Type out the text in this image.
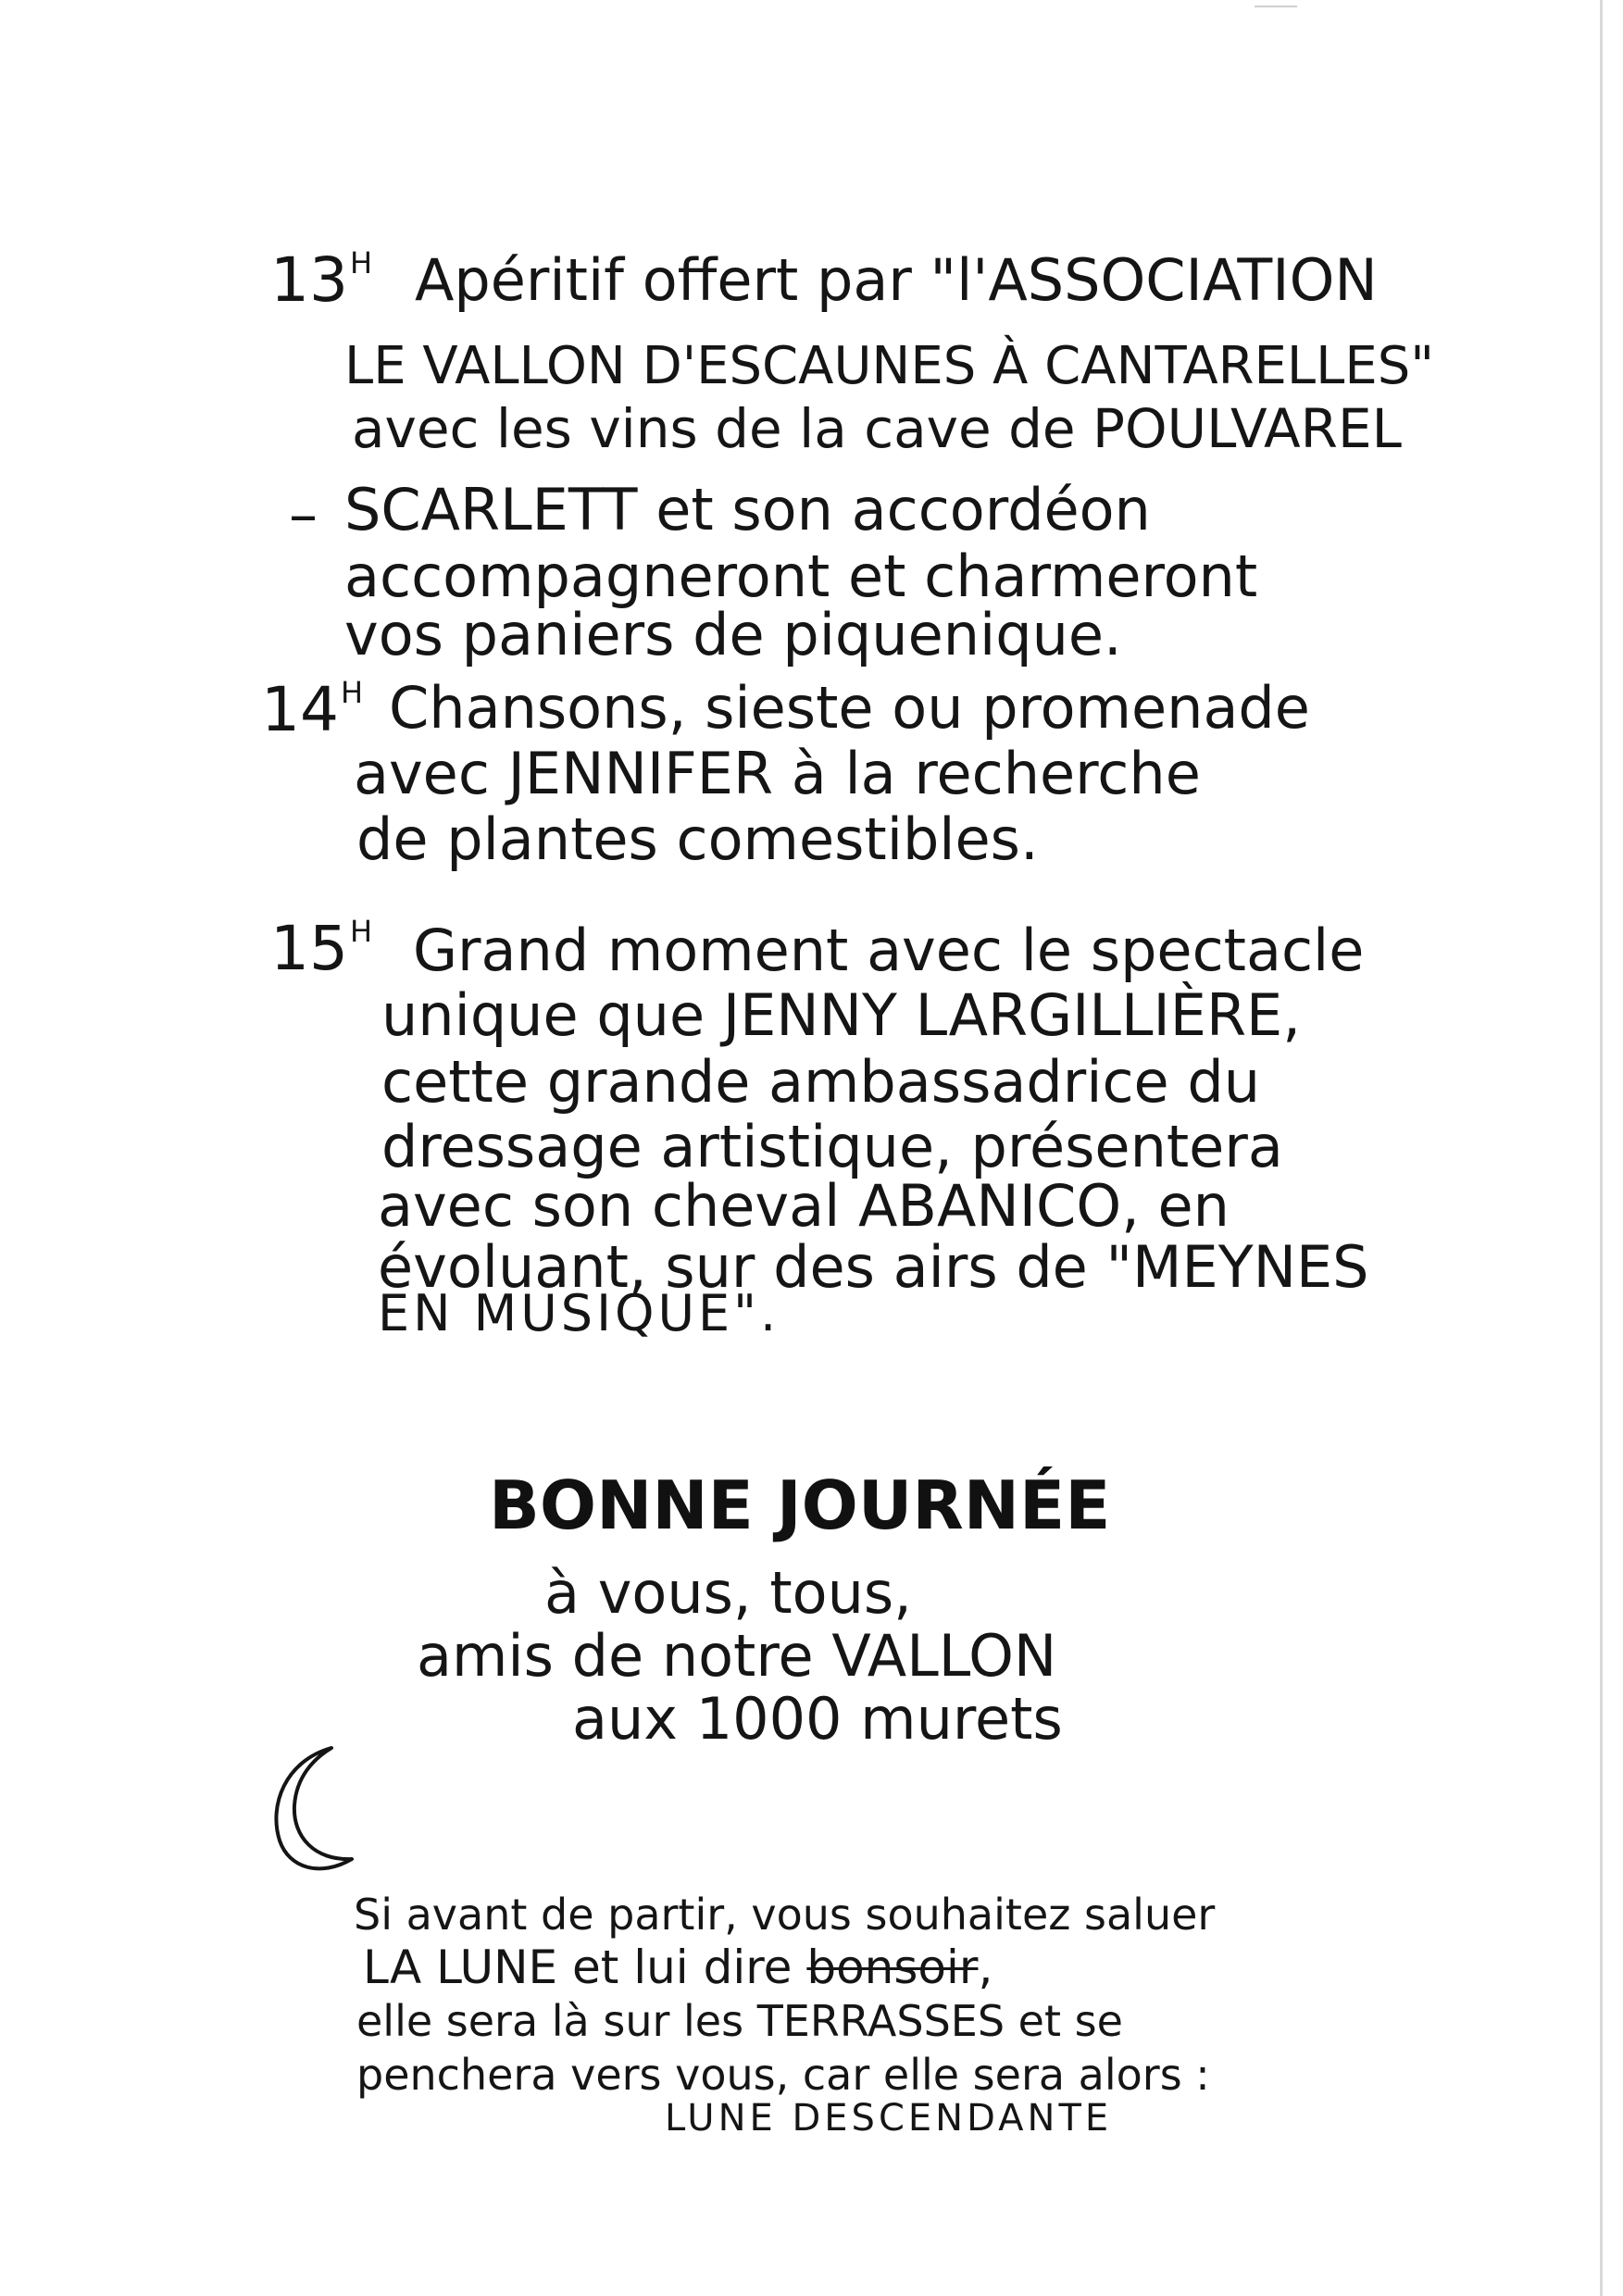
$13^H$ Apéritif offert par "l'ASSOCIATION
LE VALLON D'ESCAUNES À CANTARELLES"
avec les vins de la cave de POULVAREL
– SCARLETT et son accordéon
accompagneront et charmeront
vos paniers de piquenique.
$14^H$ Chansons, sieste ou promenade
avec JENNIFER à la recherche
de plantes comestibles.
$15^H$ Grand moment avec le spectacle
unique que JENNY LARGILLIÈRE,
cette grande ambassadrice du
dressage artistique, présentera
avec son cheval ABANICO, en
évoluant, sur des airs de "MEYNES
EN MUSIQUE".
BONNE JOURNÉE
à vous, tous,
amis de notre VALLON
aux 1000 murets
Si avant de partir, vous souhaitez saluer
LA LUNE et lui dire bonsoir,
elle sera là sur les TERRASSES et se
penchera vers vous, car elle sera alors :
LUNE DESCENDANTE
